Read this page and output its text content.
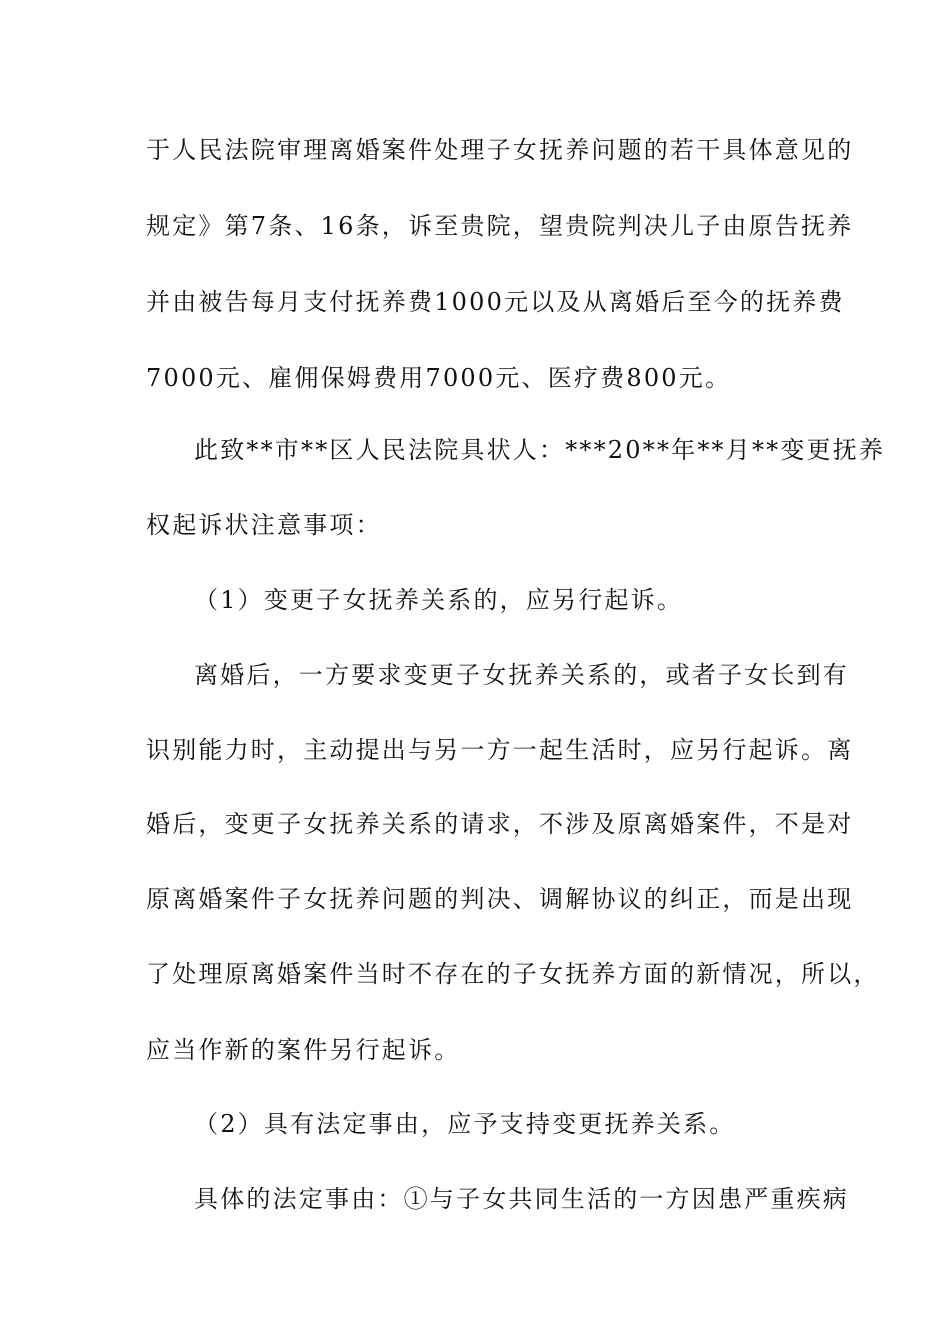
于人民法院审理离婚案件处理子女抚养问题的若干具体意见的
规定》第7条、16条，诉至贵院，望贵院判决儿子由原告抚养
并由被告每月支付抚养费1000元以及从离婚后至今的抚养费
7000元、雇佣保姆费用7000元、医疗费800元。
此致**市**区人民法院具状人：***20**年**月**变更抚养
权起诉状注意事项：
（1）变更子女抚养关系的，应另行起诉。
离婚后，一方要求变更子女抚养关系的，或者子女长到有
识别能力时，主动提出与另一方一起生活时，应另行起诉。离
婚后，变更子女抚养关系的请求，不涉及原离婚案件，不是对
原离婚案件子女抚养问题的判决、调解协议的纠正，而是出现
了处理原离婚案件当时不存在的子女抚养方面的新情况，所以，
应当作新的案件另行起诉。
（2）具有法定事由，应予支持变更抚养关系。
具体的法定事由：①与子女共同生活的一方因患严重疾病
